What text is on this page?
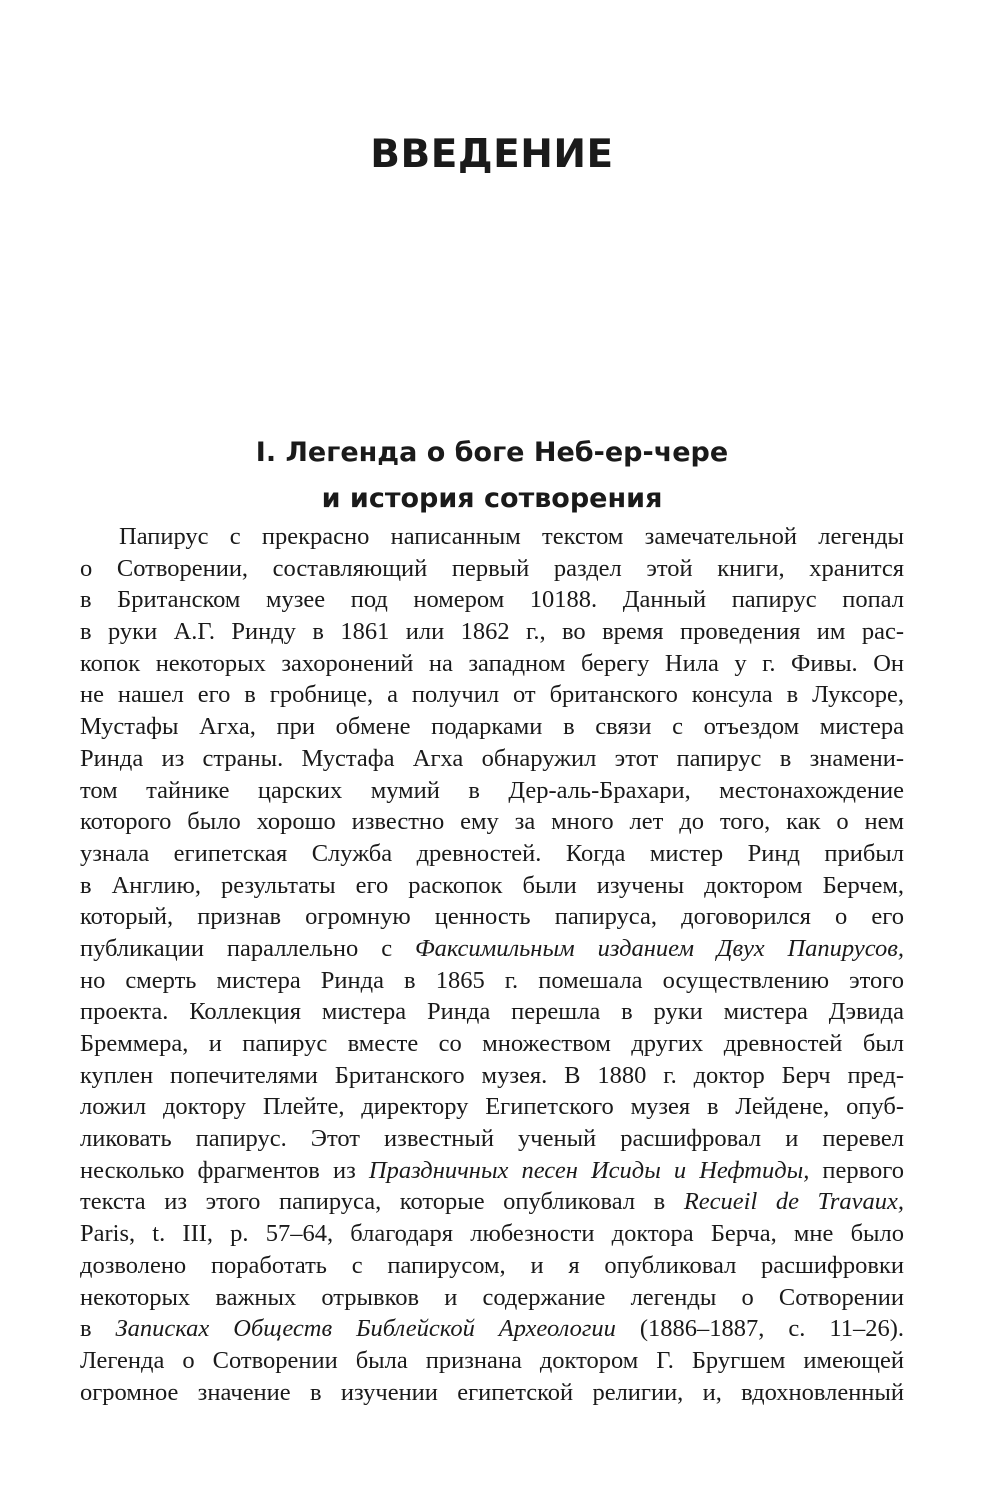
ВВЕДЕНИЕ
I. Легенда о боге Неб-ер-чере
и история сотворения
Папирус с прекрасно написанным текстом замечательной легенды
о Сотворении, составляющий первый раздел этой книги, хранится
в Британском музее под номером 10188. Данный папирус попал
в руки А.Г. Ринду в 1861 или 1862 г., во время проведения им рас-
копок некоторых захоронений на западном берегу Нила у г. Фивы. Он
не нашел его в гробнице, а получил от британского консула в Луксоре,
Мустафы Агха, при обмене подарками в связи с отъездом мистера
Ринда из страны. Мустафа Агха обнаружил этот папирус в знамени-
том тайнике царских мумий в Дер-аль-Брахари, местонахождение
которого было хорошо известно ему за много лет до того, как о нем
узнала египетская Служба древностей. Когда мистер Ринд прибыл
в Англию, результаты его раскопок были изучены доктором Берчем,
который, признав огромную ценность папируса, договорился о его
публикации параллельно с Факсимильным изданием Двух Папирусов,
но смерть мистера Ринда в 1865 г. помешала осуществлению этого
проекта. Коллекция мистера Ринда перешла в руки мистера Дэвида
Бреммера, и папирус вместе со множеством других древностей был
куплен попечителями Британского музея. В 1880 г. доктор Берч пред-
ложил доктору Плейте, директору Египетского музея в Лейдене, опуб-
ликовать папирус. Этот известный ученый расшифровал и перевел
несколько фрагментов из Праздничных песен Исиды и Нефтиды, первого
текста из этого папируса, которые опубликовал в Recueil de Travaux,
Paris, t. III, p. 57–64, благодаря любезности доктора Берча, мне было
дозволено поработать с папирусом, и я опубликовал расшифровки
некоторых важных отрывков и содержание легенды о Сотворении
в Записках Обществ Библейской Археологии (1886–1887, с. 11–26).
Легенда о Сотворении была признана доктором Г. Бругшем имеющей
огромное значение в изучении египетской религии, и, вдохновленный
